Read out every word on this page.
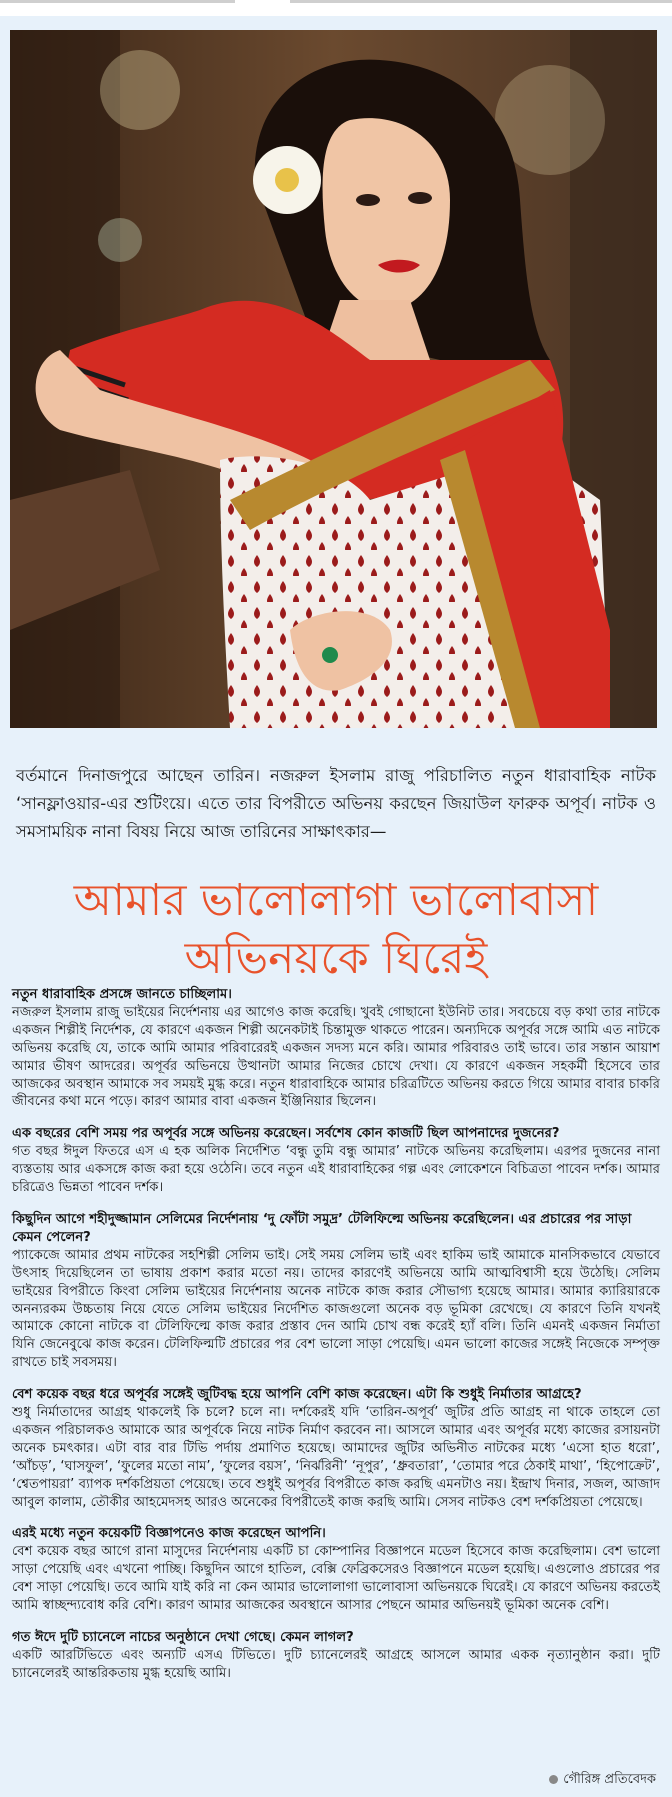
বর্তমানে দিনাজপুরে আছেন তারিন। নজরুল ইসলাম রাজু পরিচালিত নতুন ধারাবাহিক নাটক ‘সানফ্লাওয়ার-এর শুটিংয়ে। এতে তার বিপরীতে অভিনয় করছেন জিয়াউল ফারুক অপূর্ব। নাটক ও সমসাময়িক নানা বিষয় নিয়ে আজ তারিনের সাক্ষাৎকার—

আমার ভালোলাগা ভালোবাসা
অভিনয়কে ঘিরেই

নতুন ধারাবাহিক প্রসঙ্গে জানতে চাচ্ছিলাম।

নজরুল ইসলাম রাজু ভাইয়ের নির্দেশনায় এর আগেও কাজ করেছি। খুবই গোছানো ইউনিট তার। সবচেয়ে বড় কথা তার নাটকে একজন শিল্পীই নির্দেশক, যে কারণে একজন শিল্পী অনেকটাই চিন্তামুক্ত থাকতে পারেন। অন্যদিকে অপূর্বর সঙ্গে আমি এত নাটকে অভিনয় করেছি যে, তাকে আমি আমার পরিবারেরই একজন সদস্য মনে করি। আমার পরিবারও তাই ভাবে। তার সন্তান আয়াশ আমার ভীষণ আদরের। অপূর্বর অভিনয়ে উত্থানটা আমার নিজের চোখে দেখা। যে কারণে একজন সহকর্মী হিসেবে তার আজকের অবস্থান আমাকে সব সময়ই মুগ্ধ করে। নতুন ধারাবাহিকে আমার চরিত্রটিতে অভিনয় করতে গিয়ে আমার বাবার চাকরি জীবনের কথা মনে পড়ে। কারণ আমার বাবা একজন ইঞ্জিনিয়ার ছিলেন।

এক বছরের বেশি সময় পর অপূর্বর সঙ্গে অভিনয় করেছেন। সর্বশেষ কোন কাজটি ছিল আপনাদের দুজনের?

গত বছর ঈদুল ফিতরে এস এ হক অলিক নির্দেশিত ‘বন্ধু তুমি বন্ধু আমার’ নাটকে অভিনয় করেছিলাম। এরপর দুজনের নানা ব্যস্ততায় আর একসঙ্গে কাজ করা হয়ে ওঠেনি। তবে নতুন এই ধারাবাহিকের গল্প এবং লোকেশনে বিচিত্রতা পাবেন দর্শক। আমার চরিত্রেও ভিন্নতা পাবেন দর্শক।

কিছুদিন আগে শহীদুজ্জামান সেলিমের নির্দেশনায় ‘দু ফোঁটা সমুদ্র’ টেলিফিল্মে অভিনয় করেছিলেন। এর প্রচারের পর সাড়া কেমন পেলেন?

প্যাকেজে আমার প্রথম নাটকের সহশিল্পী সেলিম ভাই। সেই সময় সেলিম ভাই এবং হাকিম ভাই আমাকে মানসিকভাবে যেভাবে উৎসাহ দিয়েছিলেন তা ভাষায় প্রকাশ করার মতো নয়। তাদের কারণেই অভিনয়ে আমি আত্মবিশ্বাসী হয়ে উঠেছি। সেলিম ভাইয়ের বিপরীতে কিংবা সেলিম ভাইয়ের নির্দেশনায় অনেক নাটকে কাজ করার সৌভাগ্য হয়েছে আমার। আমার ক্যারিয়ারকে অনন্যরকম উচ্চতায় নিয়ে যেতে সেলিম ভাইয়ের নির্দেশিত কাজগুলো অনেক বড় ভূমিকা রেখেছে। যে কারণে তিনি যখনই আমাকে কোনো নাটকে বা টেলিফিল্মে কাজ করার প্রস্তাব দেন আমি চোখ বন্ধ করেই হ্যাঁ বলি। তিনি এমনই একজন নির্মাতা যিনি জেনেবুঝে কাজ করেন। টেলিফিল্মটি প্রচারের পর বেশ ভালো সাড়া পেয়েছি। এমন ভালো কাজের সঙ্গেই নিজেকে সম্পৃক্ত রাখতে চাই সবসময়।

বেশ কয়েক বছর ধরে অপূর্বর সঙ্গেই জুটিবদ্ধ হয়ে আপনি বেশি কাজ করেছেন। এটা কি শুধুই নির্মাতার আগ্রহে?

শুধু নির্মাতাদের আগ্রহ থাকলেই কি চলে? চলে না। দর্শকেরই যদি ‘তারিন-অপূর্ব’ জুটির প্রতি আগ্রহ না থাকে তাহলে তো একজন পরিচালকও আমাকে আর অপূর্বকে নিয়ে নাটক নির্মাণ করবেন না। আসলে আমার এবং অপূর্বর মধ্যে কাজের রসায়নটা অনেক চমৎকার। এটা বার বার টিভি পর্দায় প্রমাণিত হয়েছে। আমাদের জুটির অভিনীত নাটকের মধ্যে ‘এসো হাত ধরো’, ‘আঁচড়’, ‘ঘাসফুল’, ‘ফুলের মতো নাম’, ‘ফুলের বয়স’, ‘নির্ঝরিনী’ ‘নূপুর’, ‘ধ্রুবতারা’, ‘তোমার পরে ঠেকাই মাথা’, ‘হিপোক্রেট’, ‘শ্বেতপায়রা’ ব্যাপক দর্শকপ্রিয়তা পেয়েছে। তবে শুধুই অপূর্বর বিপরীতে কাজ করছি এমনটাও নয়। ইন্দ্রাখ দিনার, সজল, আজাদ আবুল কালাম, তৌকীর আহমেদসহ আরও অনেকের বিপরীতেই কাজ করছি আমি। সেসব নাটকও বেশ দর্শকপ্রিয়তা পেয়েছে।

এরই মধ্যে নতুন কয়েকটি বিজ্ঞাপনেও কাজ করেছেন আপনি।

বেশ কয়েক বছর আগে রানা মাসুদের নির্দেশনায় একটি চা কোম্পানির বিজ্ঞাপনে মডেল হিসেবে কাজ করেছিলাম। বেশ ভালো সাড়া পেয়েছি এবং এখনো পাচ্ছি। কিছুদিন আগে হাতিল, বেক্সি ফেব্রিকসেরও বিজ্ঞাপনে মডেল হয়েছি। এগুলোও প্রচারের পর বেশ সাড়া পেয়েছি। তবে আমি যাই করি না কেন আমার ভালোলাগা ভালোবাসা অভিনয়কে ঘিরেই। যে কারণে অভিনয় করতেই আমি স্বাচ্ছন্দ্যবোধ করি বেশি। কারণ আমার আজকের অবস্থানে আসার পেছনে আমার অভিনয়ই ভূমিকা অনেক বেশি।

গত ঈদে দুটি চ্যানেলে নাচের অনুষ্ঠানে দেখা গেছে। কেমন লাগল?

একটি আরটিভিতে এবং অন্যটি এসএ টিভিতে। দুটি চ্যানেলেরই আগ্রহে আসলে আমার একক নৃত্যানুষ্ঠান করা। দুটি চ্যানেলেরই আন্তরিকতায় মুগ্ধ হয়েছি আমি।

গৌরিঙ্গ প্রতিবেদক
